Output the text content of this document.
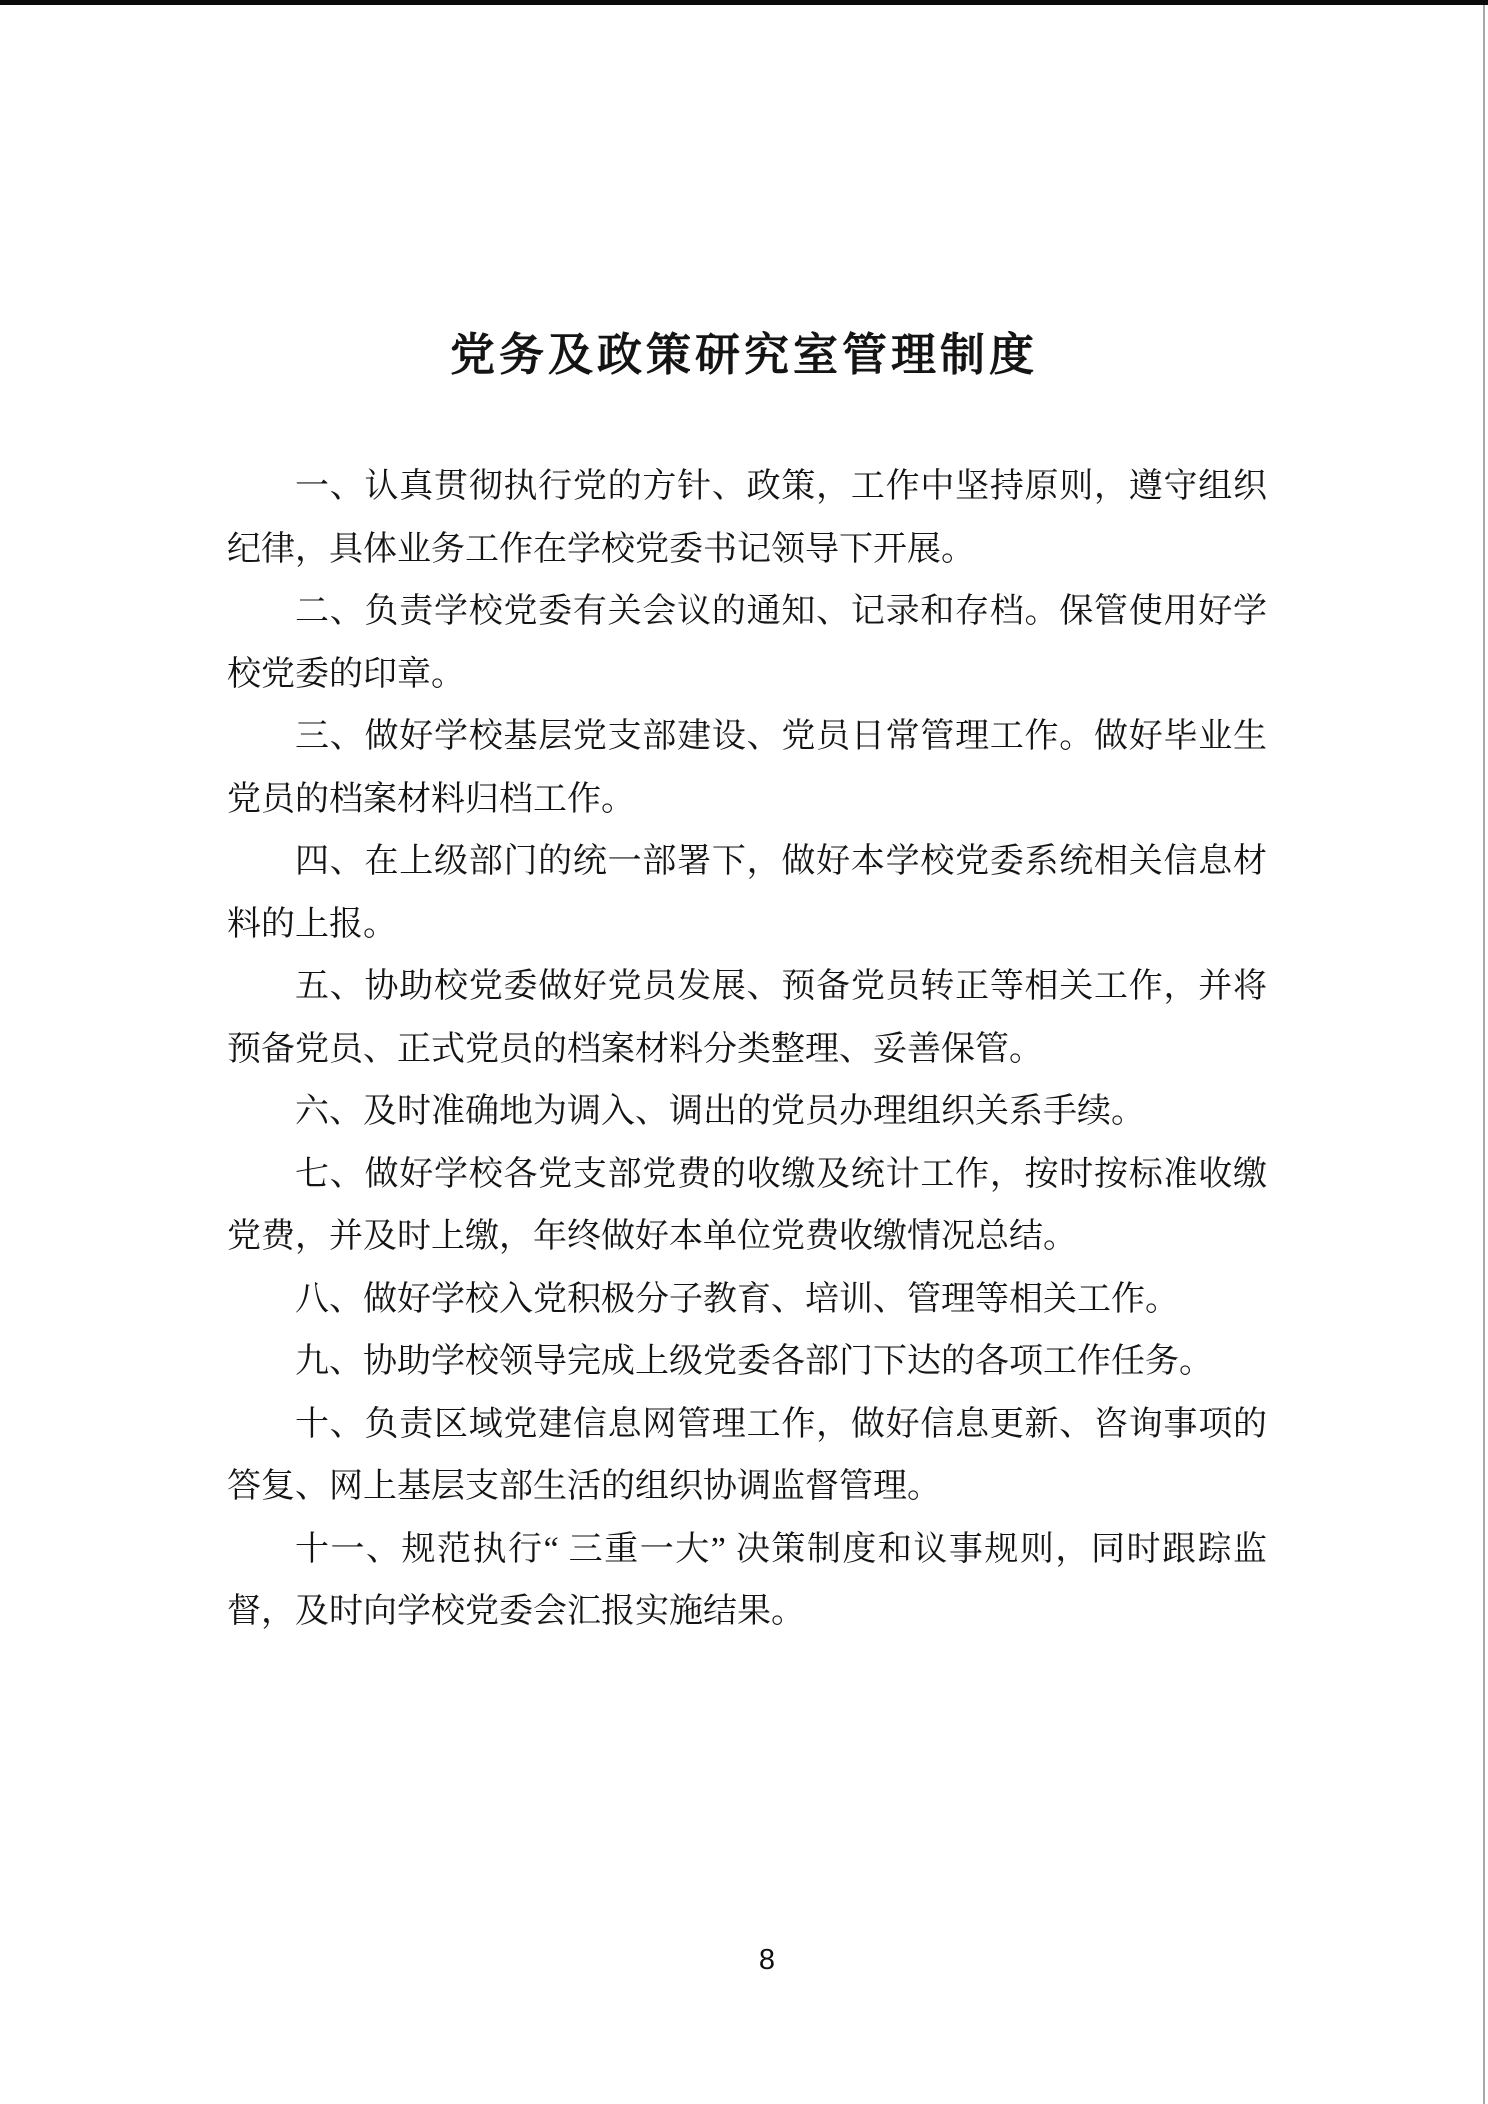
党务及政策研究室管理制度

一、认真贯彻执行党的方针、政策，工作中坚持原则，遵守组织纪律，具体业务工作在学校党委书记领导下开展。

二、负责学校党委有关会议的通知、记录和存档。保管使用好学校党委的印章。

三、做好学校基层党支部建设、党员日常管理工作。做好毕业生党员的档案材料归档工作。

四、在上级部门的统一部署下，做好本学校党委系统相关信息材料的上报。

五、协助校党委做好党员发展、预备党员转正等相关工作，并将预备党员、正式党员的档案材料分类整理、妥善保管。

六、及时准确地为调入、调出的党员办理组织关系手续。

七、做好学校各党支部党费的收缴及统计工作，按时按标准收缴党费，并及时上缴，年终做好本单位党费收缴情况总结。

八、做好学校入党积极分子教育、培训、管理等相关工作。

九、协助学校领导完成上级党委各部门下达的各项工作任务。

十、负责区域党建信息网管理工作，做好信息更新、咨询事项的答复、网上基层支部生活的组织协调监督管理。

十一、规范执行“ 三重一大” 决策制度和议事规则，同时跟踪监督，及时向学校党委会汇报实施结果。

8
